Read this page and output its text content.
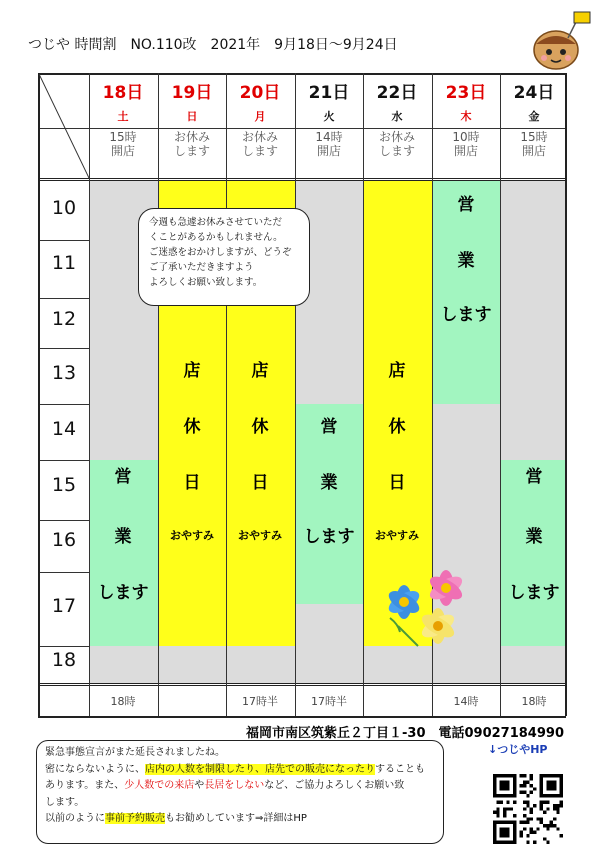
つじや 時間割　NO.110改　2021年　9月18日～9月24日
18日
土
15時
開店
18時
19日
日
お休み
します
20日
月
お休み
します
17時半
21日
火
14時
開店
17時半
22日
水
お休み
します
23日
木
10時
開店
14時
24日
金
15時
開店
18時
10
11
12
13
14
15
16
17
18
営
業
します
店
休
日
おやすみ
店
休
日
おやすみ
店
休
日
おやすみ
営
業
します
営
業
します
営
業
します
今週も急遽お休みさせていただ
くことがあるかもしれません。
ご迷惑をおかけしますが、どうぞ
ご了承いただきますよう
よろしくお願い致します。
福岡市南区筑紫丘２丁目１-30　電話09027184990
↓つじやHP
緊急事態宣言がまた延長されましたね。
密にならないように、店内の人数を制限したり、店先での販売になったりすることも
あります。また、少人数での来店や長居をしないなど、ご協力よろしくお願い致
します。
以前のように事前予約販売もお勧めしています⇒詳細はHP
